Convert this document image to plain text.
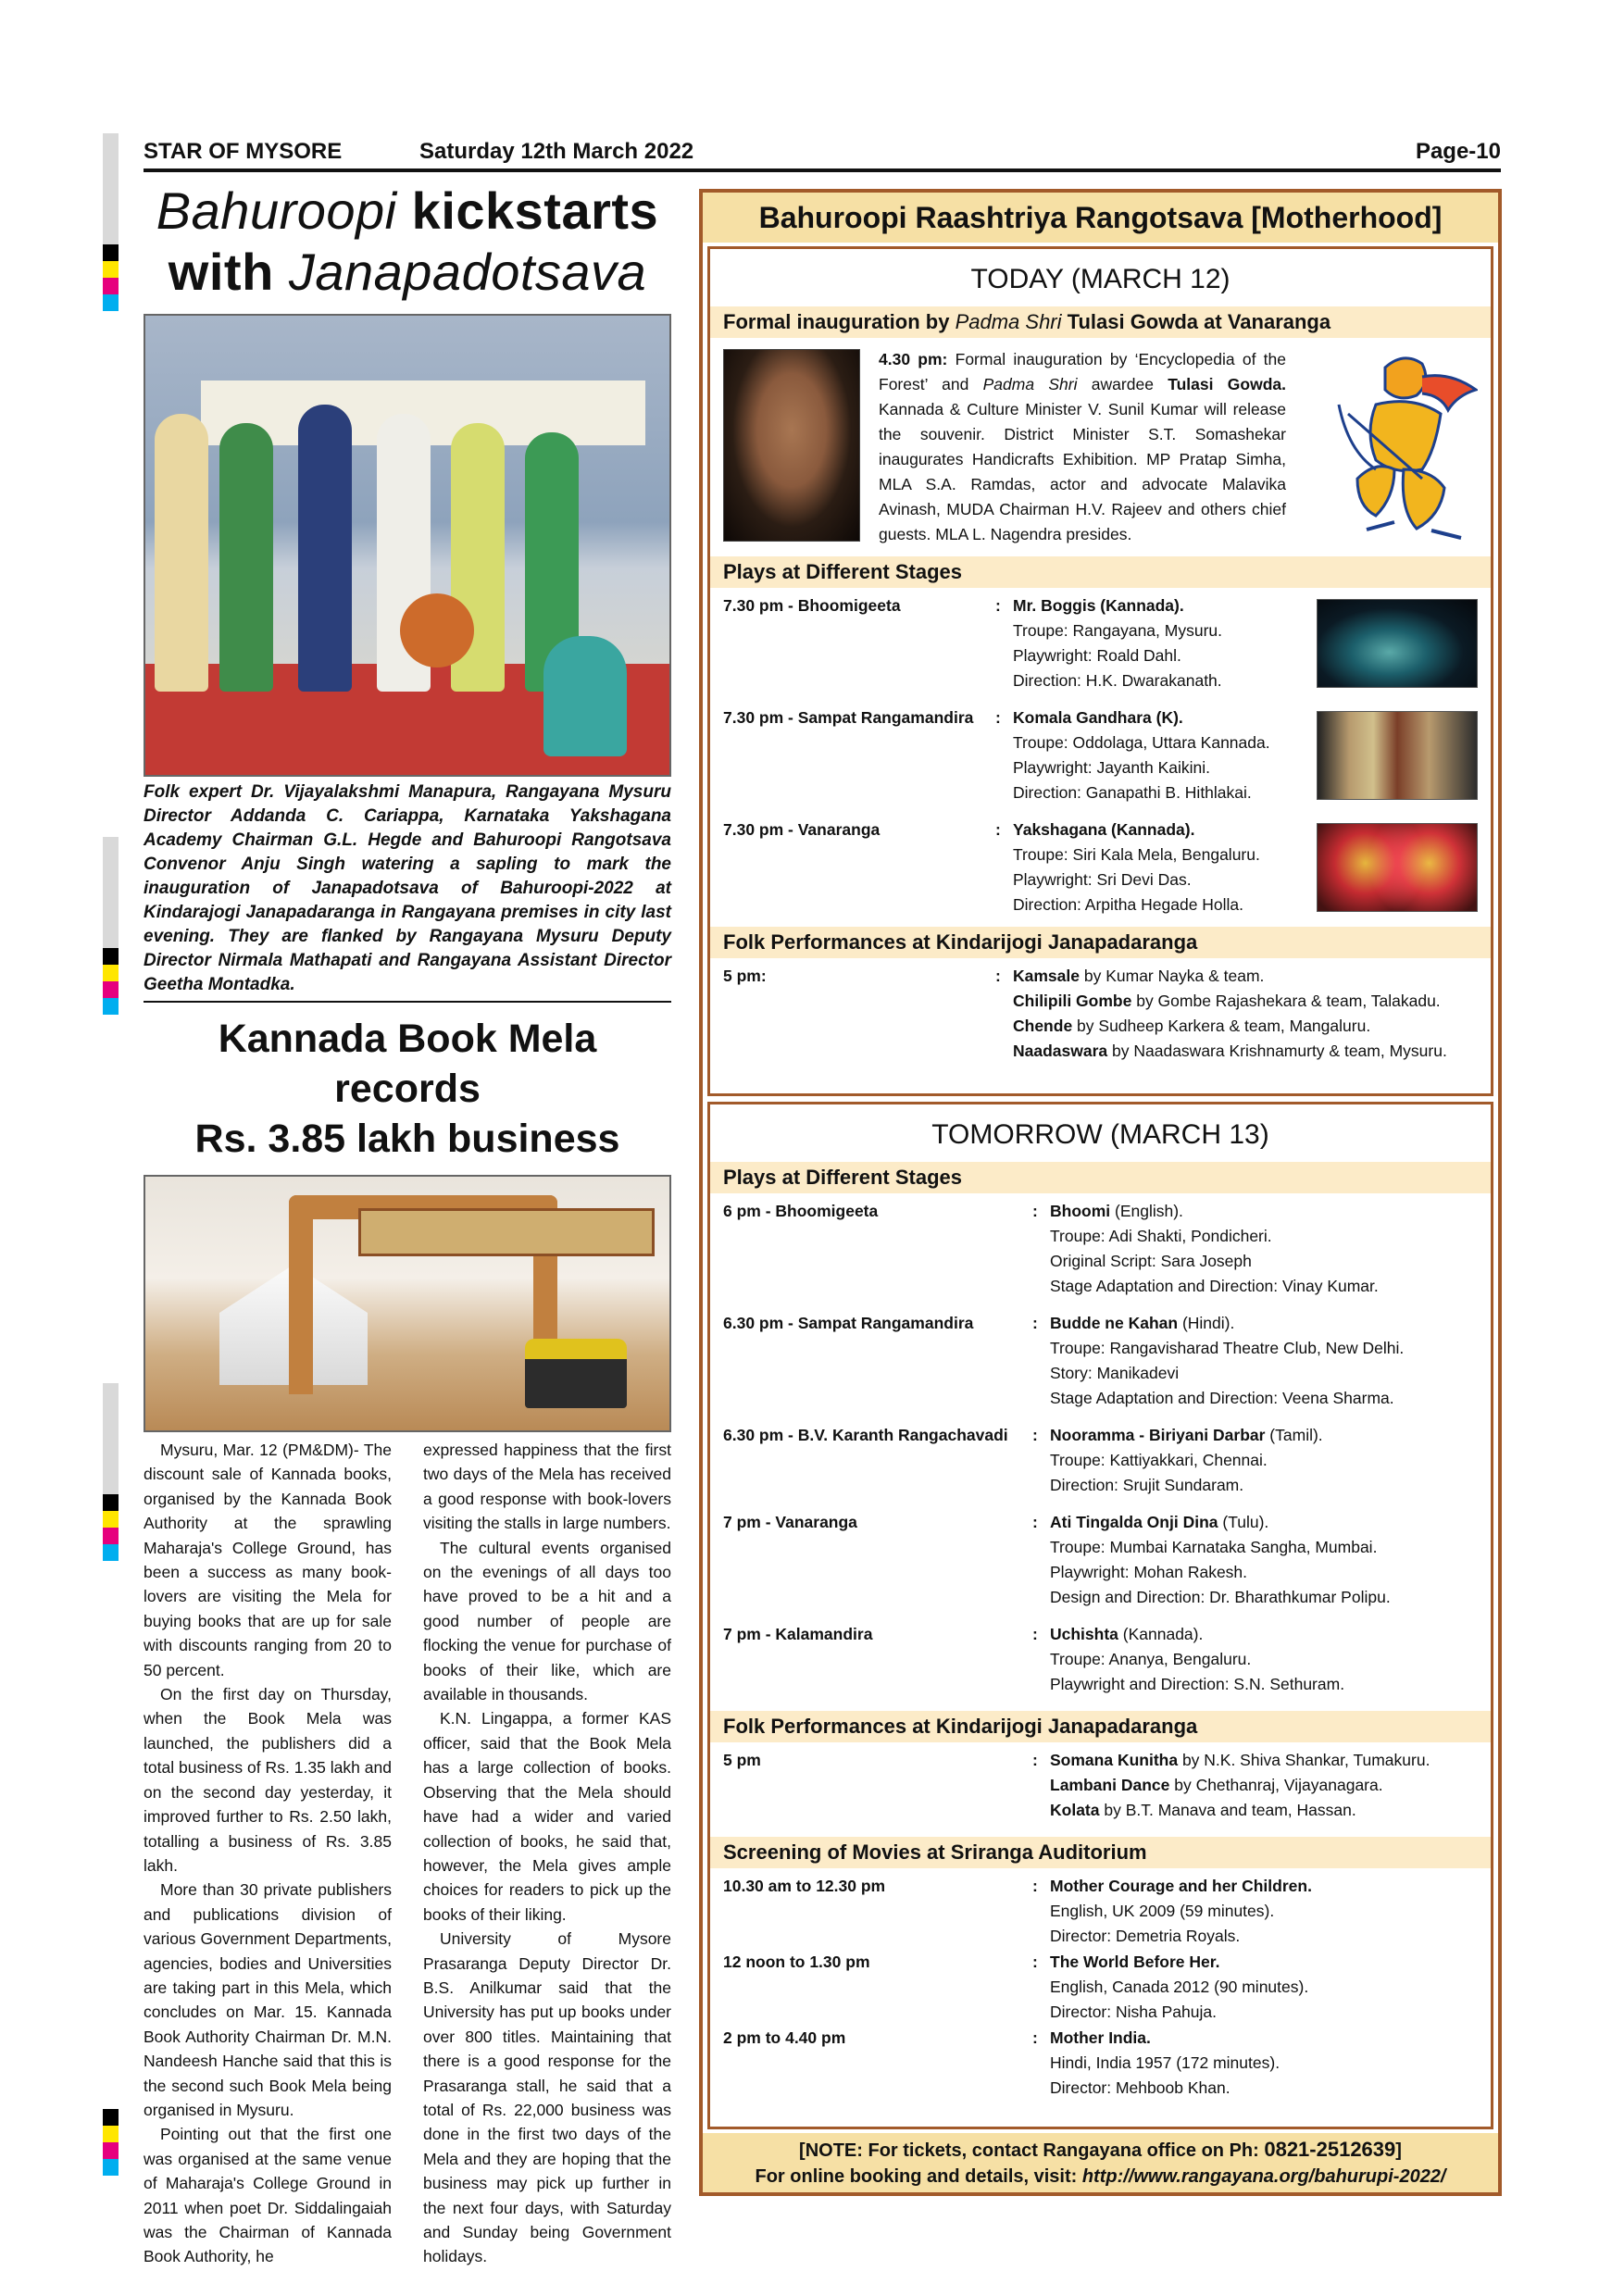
STAR OF MYSORE	Saturday 12th March 2022	Page-10
Bahuroopi kickstarts
with Janapadotsava

Folk expert Dr. Vijayalakshmi Manapura, Rangayana Mysuru Director Addanda C. Cariappa, Karnataka Yakshagana Academy Chairman G.L. Hegde and Bahuroopi Rangotsava Convenor Anju Singh watering a sapling to mark the inauguration of Janapadotsava of Bahuroopi-2022 at Kindarajogi Janapadaranga in Rangayana premises in city last evening. They are flanked by Rangayana Mysuru Deputy Director Nirmala Mathapati and Rangayana Assistant Director Geetha Montadka.

Kannada Book Mela records
Rs. 3.85 lakh business

Mysuru, Mar. 12 (PM&DM)- The discount sale of Kannada books, organised by the Kannada Book Authority at the sprawling Maharaja's College Ground, has been a success as many book-lovers are visiting the Mela for buying books that are up for sale with discounts ranging from 20 to 50 percent.

On the first day on Thursday, when the Book Mela was launched, the publishers did a total business of Rs. 1.35 lakh and on the second day yesterday, it improved further to Rs. 2.50 lakh, totalling a business of Rs. 3.85 lakh.

More than 30 private publishers and publications division of various Government Departments, agencies, bodies and Universities are taking part in this Mela, which concludes on Mar. 15. Kannada Book Authority Chairman Dr. M.N. Nandeesh Hanche said that this is the second such Book Mela being organised in Mysuru.

Pointing out that the first one was organised at the same venue of Maharaja's College Ground in 2011 when poet Dr. Siddalingaiah was the Chairman of Kannada Book Authority, he

expressed happiness that the first two days of the Mela has received a good response with book-lovers visiting the stalls in large numbers.

The cultural events organised on the evenings of all days too have proved to be a hit and a good number of people are flocking the venue for purchase of books of their like, which are available in thousands.

K.N. Lingappa, a former KAS officer, said that the Book Mela has a large collection of books. Observing that the Mela should have had a wider and varied collection of books, he said that, however, the Mela gives ample choices for readers to pick up the books of their liking.

University of Mysore Prasaranga Deputy Director Dr. B.S. Anilkumar said that the University has put up books under over 800 titles. Maintaining that there is a good response for the Prasaranga stall, he said that a total of Rs. 22,000 business was done in the first two days of the Mela and they are hoping that the business may pick up further in the next four days, with Saturday and Sunday being Government holidays.

Bahuroopi Raashtriya Rangotsava [Motherhood]
TODAY (MARCH 12)
Formal inauguration by Padma Shri Tulasi Gowda at Vanaranga

4.30 pm: Formal inauguration by ‘Encyclopedia of the Forest’ and Padma Shri awardee Tulasi Gowda. Kannada & Culture Minister V. Sunil Kumar will release the souvenir. District Minister S.T. Somashekar inaugurates Handicrafts Exhibition. MP Pratap Simha, MLA S.A. Ramdas, actor and advocate Malavika Avinash, MUDA Chairman H.V. Rajeev and others chief guests. MLA L. Nagendra presides.

Plays at Different Stages
7.30 pm - Bhoomigeeta	: Mr. Boggis (Kannada).
Troupe: Rangayana, Mysuru.
Playwright: Roald Dahl.
Direction: H.K. Dwarakanath.
7.30 pm - Sampat Rangamandira : Komala Gandhara (K).
Troupe: Oddolaga, Uttara Kannada.
Playwright: Jayanth Kaikini.
Direction: Ganapathi B. Hithlakai.
7.30 pm - Vanaranga	: Yakshagana (Kannada).
Troupe: Siri Kala Mela, Bengaluru.
Playwright: Sri Devi Das.
Direction: Arpitha Hegade Holla.
Folk Performances at Kindarijogi Janapadaranga
5 pm:	: Kamsale by Kumar Nayka & team.
Chilipili Gombe by Gombe Rajashekara & team, Talakadu.
Chende by Sudheep Karkera & team, Mangaluru.
Naadaswara by Naadaswara Krishnamurty & team, Mysuru.
TOMORROW (MARCH 13)
Plays at Different Stages
6 pm - Bhoomigeeta	: Bhoomi (English).
Troupe: Adi Shakti, Pondicheri.
Original Script: Sara Joseph
Stage Adaptation and Direction: Vinay Kumar.
6.30 pm - Sampat Rangamandira	: Budde ne Kahan (Hindi).
Troupe: Rangavisharad Theatre Club, New Delhi.
Story: Manikadevi
Stage Adaptation and Direction: Veena Sharma.
6.30 pm - B.V. Karanth Rangachavadi : Nooramma - Biriyani Darbar (Tamil).
Troupe: Kattiyakkari, Chennai.
Direction: Srujit Sundaram.
7 pm - Vanaranga	: Ati Tingalda Onji Dina (Tulu).
Troupe: Mumbai Karnataka Sangha, Mumbai.
Playwright: Mohan Rakesh.
Design and Direction: Dr. Bharathkumar Polipu.
7 pm - Kalamandira	: Uchishta (Kannada).
Troupe: Ananya, Bengaluru.
Playwright and Direction: S.N. Sethuram.
Folk Performances at Kindarijogi Janapadaranga
5 pm	: Somana Kunitha by N.K. Shiva Shankar, Tumakuru.
Lambani Dance by Chethanraj, Vijayanagara.
Kolata by B.T. Manava and team, Hassan.
Screening of Movies at Sriranga Auditorium
10.30 am to 12.30 pm	: Mother Courage and her Children.
English, UK 2009 (59 minutes).
Director: Demetria Royals.
12 noon to 1.30 pm	: The World Before Her.
English, Canada 2012 (90 minutes).
Director: Nisha Pahuja.
2 pm to 4.40 pm	: Mother India.
Hindi, India 1957 (172 minutes).
Director: Mehboob Khan.
[NOTE: For tickets, contact Rangayana office on Ph: 0821-2512639]
For online booking and details, visit: http://www.rangayana.org/bahurupi-2022/
